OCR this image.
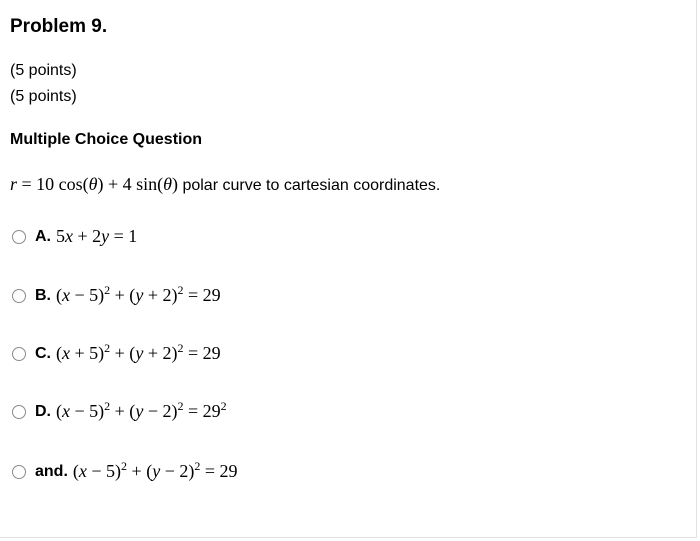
Problem 9.
(5 points)
(5 points)
Multiple Choice Question
r = 10 cos(θ) + 4 sin(θ) polar curve to cartesian coordinates.
A. 5x + 2y = 1
B. $(x - 5)^2 + (y + 2)^2 = 29$
C. $(x + 5)^2 + (y + 2)^2 = 29$
D. $(x - 5)^2 + (y - 2)^2 = 29^2$
and. $(x - 5)^2 + (y - 2)^2 = 29$
